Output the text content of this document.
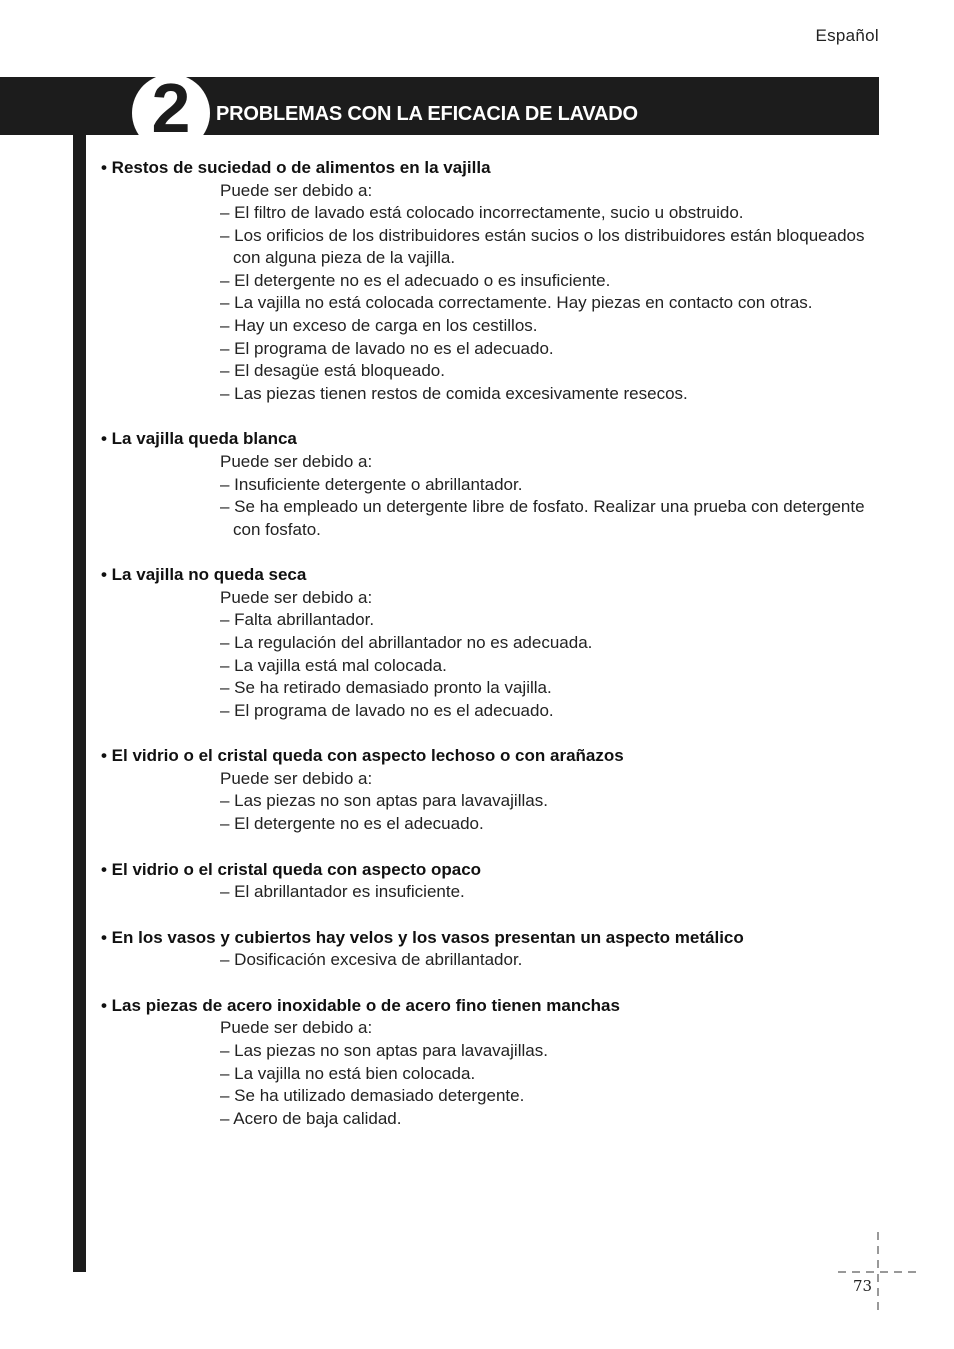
Español
2	PROBLEMAS CON LA EFICACIA DE LAVADO
• Restos de suciedad o de alimentos en la vajilla
Puede ser debido a:
– El filtro de lavado está colocado incorrectamente, sucio u obstruido.
– Los orificios de los distribuidores están sucios o los distribuidores están bloqueados con alguna pieza de la vajilla.
– El detergente no es el adecuado o es insuficiente.
– La vajilla no está colocada correctamente. Hay piezas en contacto con otras.
– Hay un exceso de carga en los cestillos.
– El programa de lavado no es el adecuado.
– El desagüe está bloqueado.
– Las piezas tienen restos de comida excesivamente resecos.
• La vajilla queda blanca
Puede ser debido a:
– Insuficiente detergente o abrillantador.
– Se ha empleado un detergente libre de fosfato. Realizar una prueba con detergente con fosfato.
• La vajilla no queda seca
Puede ser debido a:
– Falta abrillantador.
– La regulación del abrillantador no es adecuada.
– La vajilla está mal colocada.
– Se ha retirado demasiado pronto la vajilla.
– El programa de lavado no es el adecuado.
• El vidrio o el cristal queda con aspecto lechoso o con arañazos
Puede ser debido a:
– Las piezas no son aptas para lavavajillas.
– El detergente no es el adecuado.
• El vidrio o el cristal queda con aspecto opaco
– El abrillantador es insuficiente.
• En los vasos y cubiertos hay velos y los vasos presentan un aspecto metálico
– Dosificación excesiva de abrillantador.
• Las piezas de acero inoxidable o de acero fino tienen manchas
Puede ser debido a:
– Las piezas no son aptas para lavavajillas.
– La vajilla no está bien colocada.
– Se ha utilizado demasiado detergente.
– Acero de baja calidad.
73
